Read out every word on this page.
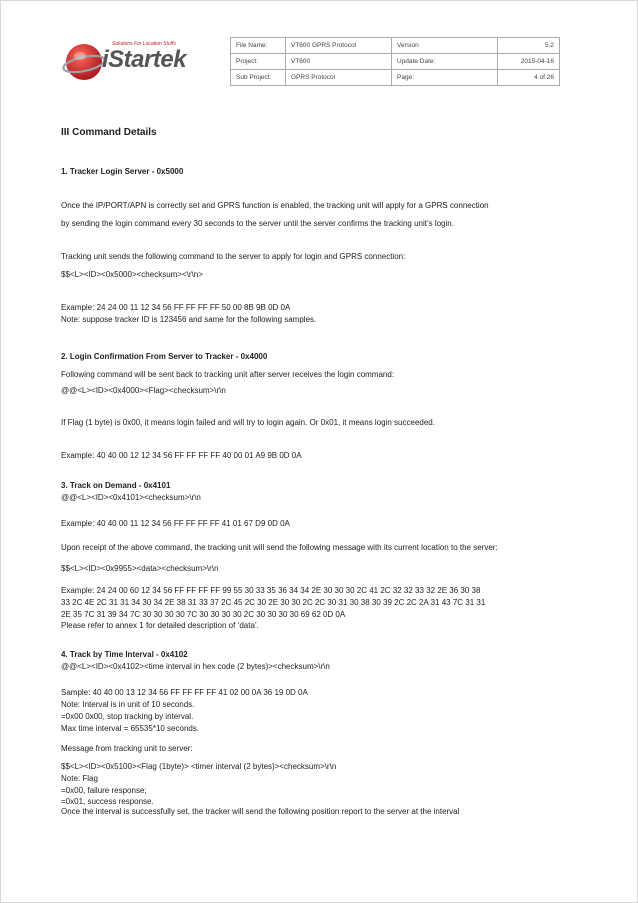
Solutions For Location Stuffs
iStartek
File Name:	VT600 GPRS Protocol	Version	5.2
Project:	VT600	Update Date:	2015-04-16
Sub Project:	GPRS Protocol	Page:	4 of 26
III Command Details
1. Tracker Login Server - 0x5000
Once the IP/PORT/APN is correctly set and GPRS function is enabled, the tracking unit will apply for a GPRS connection
by sending the login command every 30 seconds to the server until the server confirms the tracking unit’s login.
Tracking unit sends the following command to the server to apply for login and GPRS connection:
$$<L><ID><0x5000><checksum><\r\n>
Example: 24 24 00 11 12 34 56 FF FF FF FF 50 00 8B 9B 0D 0A
Note: suppose tracker ID is 123456 and same for the following samples.
2. Login Confirmation From Server to Tracker - 0x4000
Following command will be sent back to tracking unit after server receives the login command:
@@<L><ID><0x4000><Flag><checksum>\r\n
If Flag (1 byte) is 0x00, it means login failed and will try to login again. Or 0x01, it means login succeeded.
Example: 40 40 00 12 12 34 56 FF FF FF FF 40 00 01 A9 9B 0D 0A
3. Track on Demand - 0x4101
@@<L><ID><0x4101><checksum>\r\n
Example: 40 40 00 11 12 34 56 FF FF FF FF 41 01 67 D9 0D 0A
Upon receipt of the above command, the tracking unit will send the following message with its current location to the server:
$$<L><ID><0x9955><data><checksum>\r\n
Example: 24 24 00 60 12 34 56 FF FF FF FF 99 55 30 33 35 36 34 34 2E 30 30 30 2C 41 2C 32 32 33 32 2E 36 30 38
33 2C 4E 2C 31 31 34 30 34 2E 38 31 33 37 2C 45 2C 30 2E 30 30 2C 2C 30 31 30 38 30 39 2C 2C 2A 31 43 7C 31 31
2E 35 7C 31 39 34 7C 30 30 30 30 7C 30 30 30 30 2C 30 30 30 30 69 62 0D 0A
Please refer to annex 1 for detailed description of ‘data’.
4. Track by Time Interval - 0x4102
@@<L><ID><0x4102><time interval in hex code (2 bytes)><checksum>\r\n
Sample: 40 40 00 13 12 34 56 FF FF FF FF 41 02 00 0A 36 19 0D 0A
Note: Interval is in unit of 10 seconds.
=0x00 0x00, stop tracking by interval.
Max time interval = 65535*10 seconds.
Message from tracking unit to server:
$$<L><ID><0x5100><Flag (1byte)> <timer interval (2 bytes)><checksum>\r\n
Note: Flag
=0x00, failure response;
=0x01, success response.
Once the interval is successfully set, the tracker will send the following position report to the server at the interval
